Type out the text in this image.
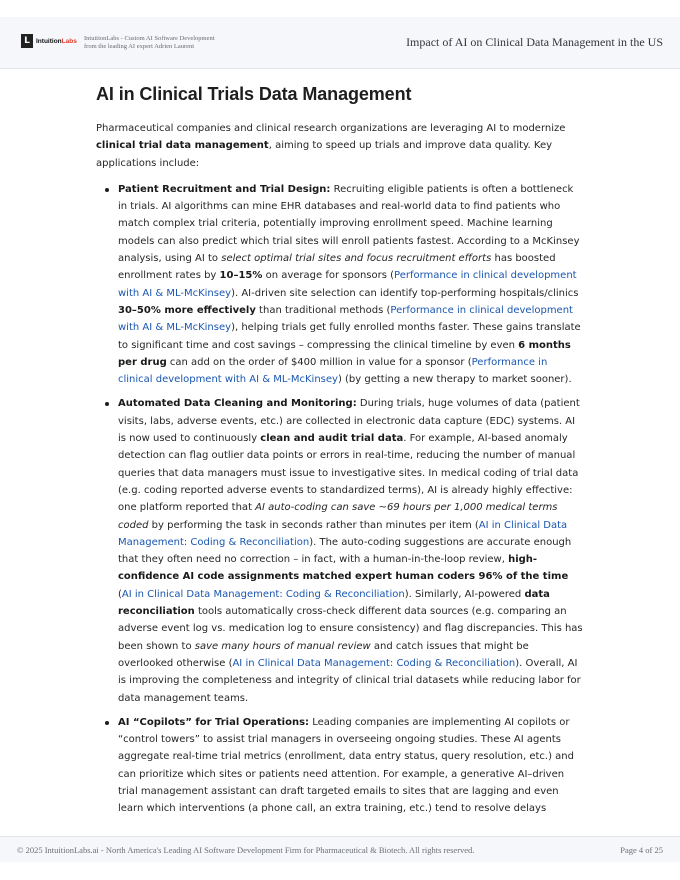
L IntuitionLabs IntuitionLabs - Custom AI Software Development
from the leading AI expert Adrien Laurent	Impact of AI on Clinical Data Management in the US
AI in Clinical Trials Data Management

Pharmaceutical companies and clinical research organizations are leveraging AI to modernize clinical trial data management, aiming to speed up trials and improve data quality. Key applications include:

Patient Recruitment and Trial Design: Recruiting eligible patients is often a bottleneck in trials. AI algorithms can mine EHR databases and real-world data to find patients who match complex trial criteria, potentially improving enrollment speed. Machine learning models can also predict which trial sites will enroll patients fastest. According to a McKinsey analysis, using AI to select optimal trial sites and focus recruitment efforts has boosted enrollment rates by 10–15% on average for sponsors (Performance in clinical development with AI & ML-McKinsey). AI-driven site selection can identify top-performing hospitals/clinics 30–50% more effectively than traditional methods (Performance in clinical development with AI & ML-McKinsey), helping trials get fully enrolled months faster. These gains translate to significant time and cost savings – compressing the clinical timeline by even 6 months per drug can add on the order of $400 million in value for a sponsor (Performance in clinical development with AI & ML-McKinsey) (by getting a new therapy to market sooner).
Automated Data Cleaning and Monitoring: During trials, huge volumes of data (patient visits, labs, adverse events, etc.) are collected in electronic data capture (EDC) systems. AI is now used to continuously clean and audit trial data. For example, AI-based anomaly detection can flag outlier data points or errors in real-time, reducing the number of manual queries that data managers must issue to investigative sites. In medical coding of trial data (e.g. coding reported adverse events to standardized terms), AI is already highly effective: one platform reported that AI auto-coding can save ~69 hours per 1,000 medical terms coded by performing the task in seconds rather than minutes per item (AI in Clinical Data Management: Coding & Reconciliation). The auto-coding suggestions are accurate enough that they often need no correction – in fact, with a human-in-the-loop review, high-confidence AI code assignments matched expert human coders 96% of the time (AI in Clinical Data Management: Coding & Reconciliation). Similarly, AI-powered data reconciliation tools automatically cross-check different data sources (e.g. comparing an adverse event log vs. medication log to ensure consistency) and flag discrepancies. This has been shown to save many hours of manual review and catch issues that might be overlooked otherwise (AI in Clinical Data Management: Coding & Reconciliation). Overall, AI is improving the completeness and integrity of clinical trial datasets while reducing labor for data management teams.
AI “Copilots” for Trial Operations: Leading companies are implementing AI copilots or “control towers” to assist trial managers in overseeing ongoing studies. These AI agents aggregate real-time trial metrics (enrollment, data entry status, query resolution, etc.) and can prioritize which sites or patients need attention. For example, a generative AI–driven trial management assistant can draft targeted emails to sites that are lagging and even learn which interventions (a phone call, an extra training, etc.) tend to resolve delays
© 2025 IntuitionLabs.ai - North America's Leading AI Software Development Firm for Pharmaceutical & Biotech. All rights reserved.	Page 4 of 25
